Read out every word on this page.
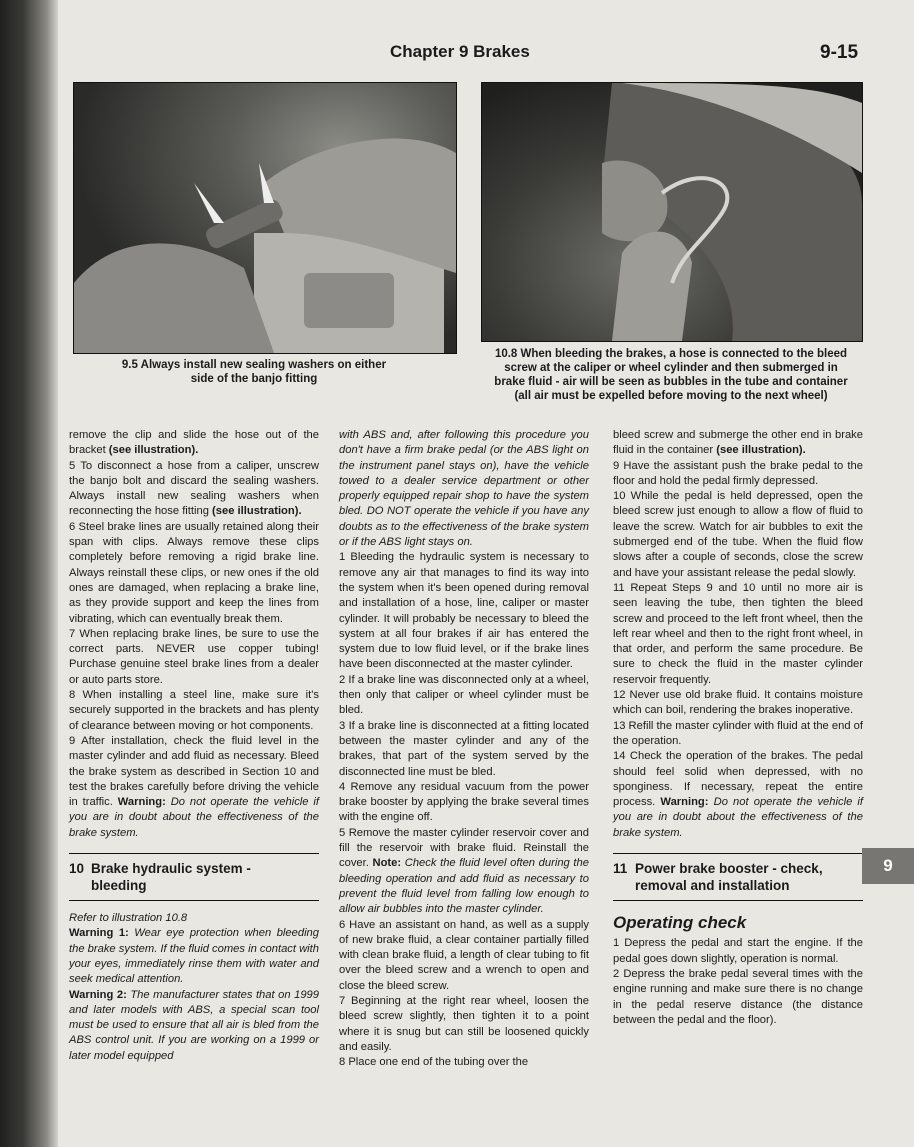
Chapter 9 Brakes	9-15
9.5 Always install new sealing washers on either
side of the banjo fitting
10.8 When bleeding the brakes, a hose is connected to the bleed
screw at the caliper or wheel cylinder and then submerged in
brake fluid - air will be seen as bubbles in the tube and container
(all air must be expelled before moving to the next wheel)

remove the clip and slide the hose out of the bracket (see illustration).

5 To disconnect a hose from a caliper, unscrew the banjo bolt and discard the sealing washers. Always install new sealing washers when reconnecting the hose fitting (see illustration).

6 Steel brake lines are usually retained along their span with clips. Always remove these clips completely before removing a rigid brake line. Always reinstall these clips, or new ones if the old ones are damaged, when replacing a brake line, as they provide support and keep the lines from vibrating, which can eventually break them.

7 When replacing brake lines, be sure to use the correct parts. NEVER use copper tubing! Purchase genuine steel brake lines from a dealer or auto parts store.

8 When installing a steel line, make sure it's securely supported in the brackets and has plenty of clearance between moving or hot components.

9 After installation, check the fluid level in the master cylinder and add fluid as necessary. Bleed the brake system as described in Section 10 and test the brakes carefully before driving the vehicle in traffic. Warning: Do not operate the vehicle if you are in doubt about the effectiveness of the brake system.

10 Brake hydraulic system -
bleeding

Refer to illustration 10.8

Warning 1: Wear eye protection when bleeding the brake system. If the fluid comes in contact with your eyes, immediately rinse them with water and seek medical attention.

Warning 2: The manufacturer states that on 1999 and later models with ABS, a special scan tool must be used to ensure that all air is bled from the ABS control unit. If you are working on a 1999 or later model equipped

with ABS and, after following this procedure you don't have a firm brake pedal (or the ABS light on the instrument panel stays on), have the vehicle towed to a dealer service department or other properly equipped repair shop to have the system bled. DO NOT operate the vehicle if you have any doubts as to the effectiveness of the brake system or if the ABS light stays on.

1 Bleeding the hydraulic system is necessary to remove any air that manages to find its way into the system when it's been opened during removal and installation of a hose, line, caliper or master cylinder. It will probably be necessary to bleed the system at all four brakes if air has entered the system due to low fluid level, or if the brake lines have been disconnected at the master cylinder.

2 If a brake line was disconnected only at a wheel, then only that caliper or wheel cylinder must be bled.

3 If a brake line is disconnected at a fitting located between the master cylinder and any of the brakes, that part of the system served by the disconnected line must be bled.

4 Remove any residual vacuum from the power brake booster by applying the brake several times with the engine off.

5 Remove the master cylinder reservoir cover and fill the reservoir with brake fluid. Reinstall the cover. Note: Check the fluid level often during the bleeding operation and add fluid as necessary to prevent the fluid level from falling low enough to allow air bubbles into the master cylinder.

6 Have an assistant on hand, as well as a supply of new brake fluid, a clear container partially filled with clean brake fluid, a length of clear tubing to fit over the bleed screw and a wrench to open and close the bleed screw.

7 Beginning at the right rear wheel, loosen the bleed screw slightly, then tighten it to a point where it is snug but can still be loosened quickly and easily.

8 Place one end of the tubing over the

bleed screw and submerge the other end in brake fluid in the container (see illustration).

9 Have the assistant push the brake pedal to the floor and hold the pedal firmly depressed.

10 While the pedal is held depressed, open the bleed screw just enough to allow a flow of fluid to leave the screw. Watch for air bubbles to exit the submerged end of the tube. When the fluid flow slows after a couple of seconds, close the screw and have your assistant release the pedal slowly.

11 Repeat Steps 9 and 10 until no more air is seen leaving the tube, then tighten the bleed screw and proceed to the left front wheel, then the left rear wheel and then to the right front wheel, in that order, and perform the same procedure. Be sure to check the fluid in the master cylinder reservoir frequently.

12 Never use old brake fluid. It contains moisture which can boil, rendering the brakes inoperative.

13 Refill the master cylinder with fluid at the end of the operation.

14 Check the operation of the brakes. The pedal should feel solid when depressed, with no sponginess. If necessary, repeat the entire process. Warning: Do not operate the vehicle if you are in doubt about the effectiveness of the brake system.

11 Power brake booster - check,
removal and installation
Operating check

1 Depress the pedal and start the engine. If the pedal goes down slightly, operation is normal.

2 Depress the brake pedal several times with the engine running and make sure there is no change in the pedal reserve distance (the distance between the pedal and the floor).

9
